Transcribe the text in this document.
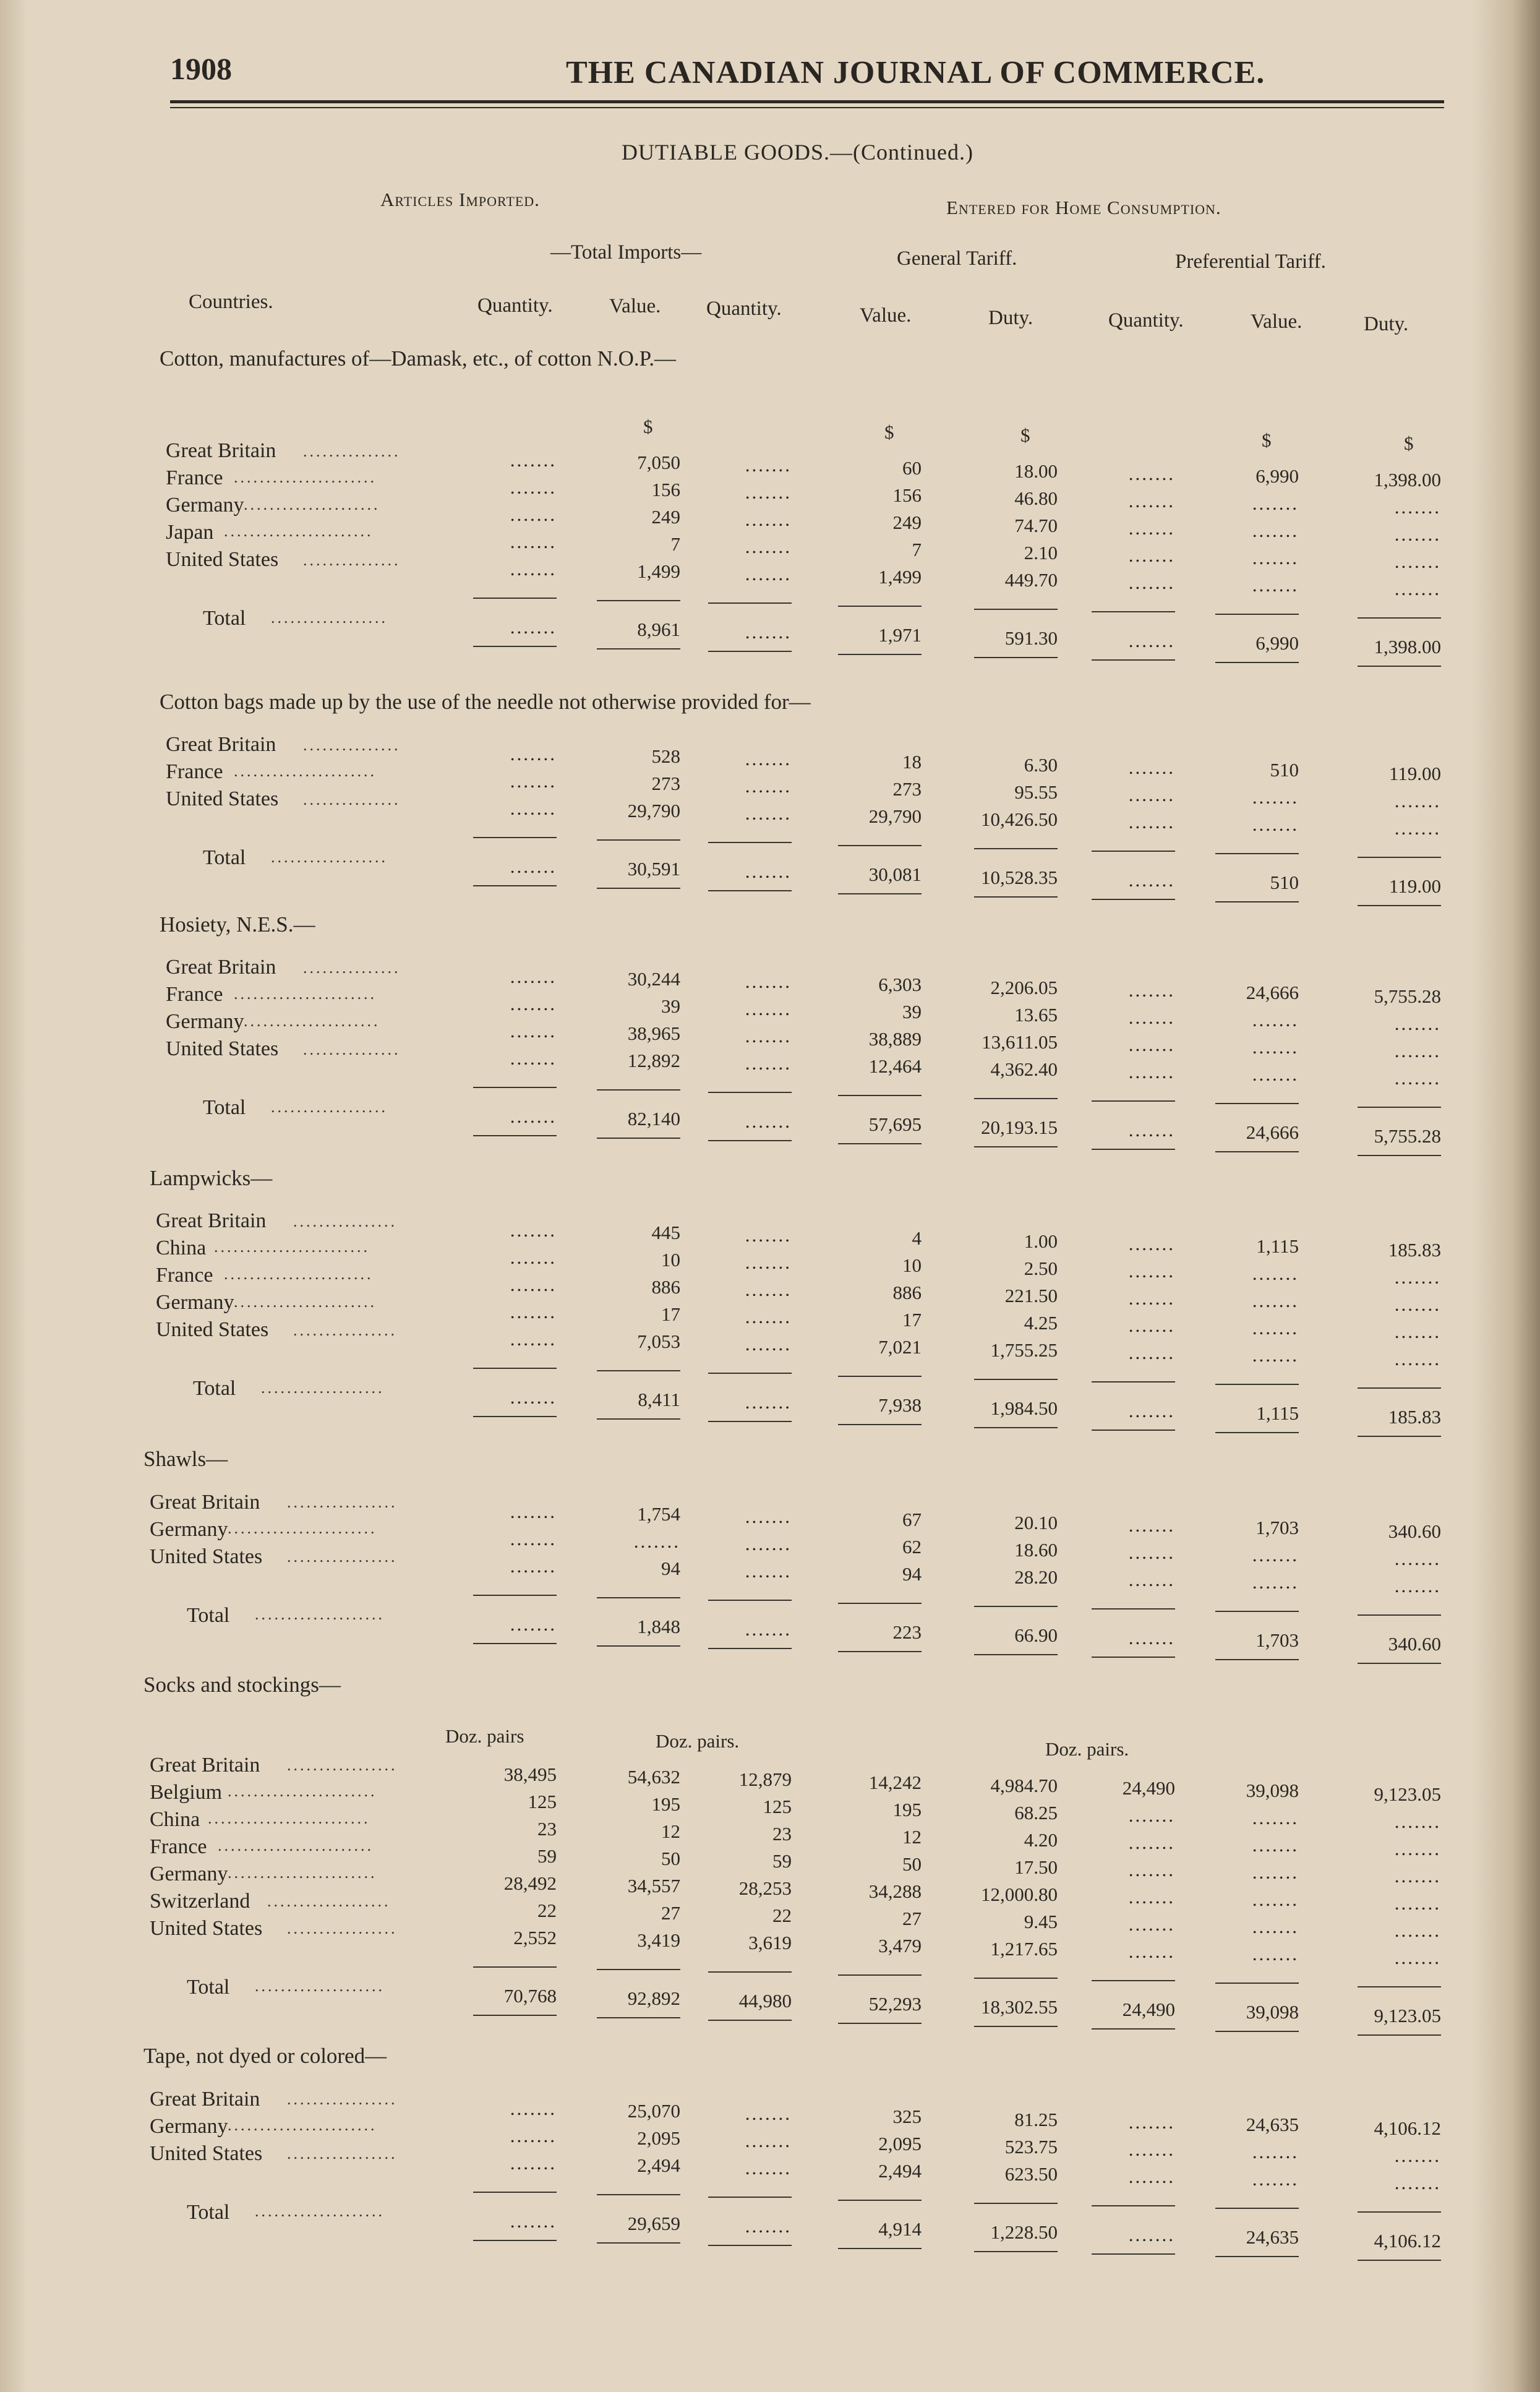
1908	THE CANADIAN JOURNAL OF COMMERCE.
DUTIABLE GOODS.—(Continued.)
Articles Imported.	Entered for Home Consumption.
—Total Imports—	General Tariff.	Preferential Tariff.
Countries.	Quantity.	Value. Quantity.	Value.	Duty.	Quantity.	Value.	Duty.
$	$	$	$	$
Cotton, manufactures of—Damask, etc., of cotton N.O.P.—
Great Britain ...............	.......	7,050	.......	60	18.00	.......	6,990	1,398.00
France ......................	.......	156	.......	156	46.80	.......	.......	.......
Germany .....................	.......	249	.......	249	74.70	.......	.......	.......
Japan .......................	.......	7	.......	7	2.10	.......	.......	.......
United States ...............	.......	1,499	.......	1,499	449.70	.......	.......	.......
Total ..................	.......	8,961	.......	1,971	591.30	.......	6,990	1,398.00
Cotton bags made up by the use of the needle not otherwise provided for—
Great Britain ...............	.......	528	.......	18	6.30	.......	510	119.00
France ......................	.......	273	.......	273	95.55	.......	.......	.......
United States ...............	.......	29,790	.......	29,790	10,426.50	.......	.......	.......
Total ..................	.......	30,591	.......	30,081	10,528.35	.......	510	119.00
Hosiety, N.E.S.—
Great Britain ...............	.......	30,244	.......	6,303	2,206.05	.......	24,666	5,755.28
France ......................	.......	39	.......	39	13.65	.......	.......	.......
Germany .....................	.......	38,965	.......	38,889	13,611.05	.......	.......	.......
United States ...............	.......	12,892	.......	12,464	4,362.40	.......	.......	.......
Total ..................	.......	82,140	.......	57,695	20,193.15	.......	24,666	5,755.28
Lampwicks—
Great Britain ................	.......	445	.......	4	1.00	.......	1,115	185.83
China ........................	.......	10	.......	10	2.50	.......	.......	.......
France .......................	.......	886	.......	886	221.50	.......	.......	.......
Germany ......................	.......	17	.......	17	4.25	.......	.......	.......
United States ................	.......	7,053	.......	7,021	1,755.25	.......	.......	.......
Total ...................	.......	8,411	.......	7,938	1,984.50	.......	1,115	185.83
Shawls—
Great Britain .................	.......	1,754	.......	67	20.10	.......	1,703	340.60
Germany .......................	.......	.......	.......	62	18.60	.......	.......	.......
United States .................	.......	94	.......	94	28.20	.......	.......	.......
Total ....................	.......	1,848	.......	223	66.90	.......	1,703	340.60
Socks and stockings—
Doz. pairs	Doz. pairs.	Doz. pairs.
Great Britain .................	38,495	54,632	12,879	14,242	4,984.70	24,490	39,098	9,123.05
Belgium .......................	125	195	125	195	68.25	.......	.......	.......
China .........................	23	12	23	12	4.20	.......	.......	.......
France ........................	59	50	59	50	17.50	.......	.......	.......
Germany .......................	28,492	34,557	28,253	34,288	12,000.80	.......	.......	.......
Switzerland ...................	22	27	22	27	9.45	.......	.......	.......
United States .................	2,552	3,419	3,619	3,479	1,217.65	.......	.......	.......
Total ....................	70,768	92,892	44,980	52,293	18,302.55	24,490	39,098	9,123.05
Tape, not dyed or colored—
Great Britain .................	.......	25,070	.......	325	81.25	.......	24,635	4,106.12
Germany .......................	.......	2,095	.......	2,095	523.75	.......	.......	.......
United States .................	.......	2,494	.......	2,494	623.50	.......	.......	.......
Total ....................	.......	29,659	.......	4,914	1,228.50	.......	24,635	4,106.12
